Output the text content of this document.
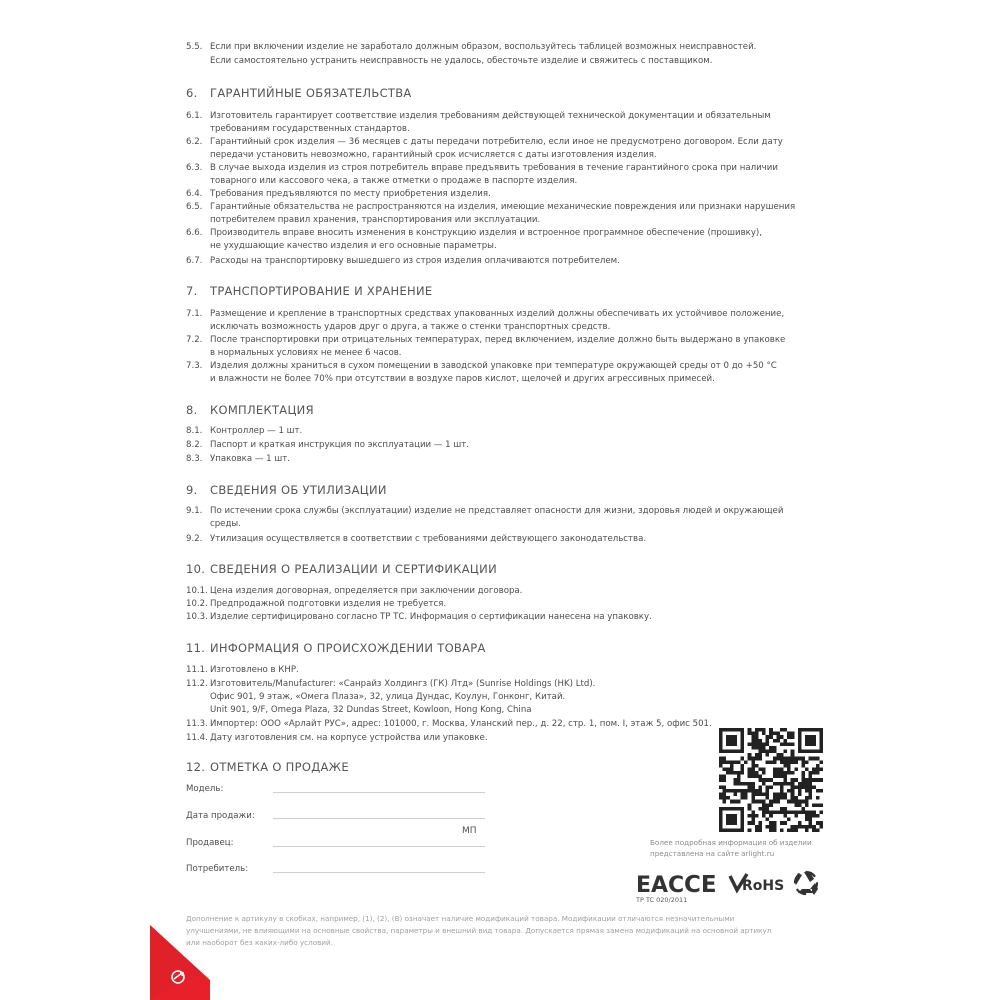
5.5. Если при включении изделие не заработало должным образом, воспользуйтесь таблицей возможных неисправностей.
Если самостоятельно устранить неисправность не удалось, обесточьте изделие и свяжитесь с поставщиком.
6. ГАРАНТИЙНЫЕ ОБЯЗАТЕЛЬСТВА
6.1. Изготовитель гарантирует соответствие изделия требованиям действующей технической документации и обязательным
требованиям государственных стандартов.
6.2. Гарантийный срок изделия — 36 месяцев с даты передачи потребителю, если иное не предусмотрено договором. Если дату
передачи установить невозможно, гарантийный срок исчисляется с даты изготовления изделия.
6.3. В случае выхода изделия из строя потребитель вправе предъявить требования в течение гарантийного срока при наличии
товарного или кассового чека, а также отметки о продаже в паспорте изделия.
6.4. Требования предъявляются по месту приобретения изделия.
6.5. Гарантийные обязательства не распространяются на изделия, имеющие механические повреждения или признаки нарушения
потребителем правил хранения, транспортирования или эксплуатации.
6.6. Производитель вправе вносить изменения в конструкцию изделия и встроенное программное обеспечение (прошивку),
не ухудшающие качество изделия и его основные параметры.
6.7. Расходы на транспортировку вышедшего из строя изделия оплачиваются потребителем.
7. ТРАНСПОРТИРОВАНИЕ И ХРАНЕНИЕ
7.1. Размещение и крепление в транспортных средствах упакованных изделий должны обеспечивать их устойчивое положение,
исключать возможность ударов друг о друга, а также о стенки транспортных средств.
7.2. После транспортировки при отрицательных температурах, перед включением, изделие должно быть выдержано в упаковке
в нормальных условиях не менее 6 часов.
7.3. Изделия должны храниться в сухом помещении в заводской упаковке при температуре окружающей среды от 0 до +50 °С
и влажности не более 70% при отсутствии в воздухе паров кислот, щелочей и других агрессивных примесей.
8. КОМПЛЕКТАЦИЯ
8.1. Контроллер — 1 шт.
8.2. Паспорт и краткая инструкция по эксплуатации — 1 шт.
8.3. Упаковка — 1 шт.
9. СВЕДЕНИЯ ОБ УТИЛИЗАЦИИ
9.1. По истечении срока службы (эксплуатации) изделие не представляет опасности для жизни, здоровья людей и окружающей
среды.
9.2. Утилизация осуществляется в соответствии с требованиями действующего законодательства.
10. СВЕДЕНИЯ О РЕАЛИЗАЦИИ И СЕРТИФИКАЦИИ
10.1. Цена изделия договорная, определяется при заключении договора.
10.2. Предпродажной подготовки изделия не требуется.
10.3. Изделие сертифицировано согласно ТР ТС. Информация о сертификации нанесена на упаковку.
11. ИНФОРМАЦИЯ О ПРОИСХОЖДЕНИИ ТОВАРА
11.1. Изготовлено в КНР.
11.2. Изготовитель/Manufacturer: «Санрайз Холдингз (ГК) Лтд» (Sunrise Holdings (HK) Ltd).
Офис 901, 9 этаж, «Омега Плаза», 32, улица Дундас, Коулун, Гонконг, Китай.
Unit 901, 9/F, Omega Plaza, 32 Dundas Street, Kowloon, Hong Kong, China
11.3. Импортер: ООО «Арлайт РУС», адрес: 101000, г. Москва, Уланский пер., д. 22, стр. 1, пом. I, этаж 5, офис 501.
11.4. Дату изготовления см. на корпусе устройства или упаковке.
12. ОТМЕТКА О ПРОДАЖЕ
Модель:
Дата продажи:
МП
Продавец:
Потребитель:
Более подробная информация об изделии
представлена на сайте arlight.ru
EAC CE RoHS
TP TC 020/2011
Дополнение к артикулу в скобках, например, (1), (2), (B) означает наличие модификаций товара. Модификации отличаются незначительными
улучшениями, не влияющими на основные свойства, параметры и внешний вид товара. Допускается прямая замена модификаций на основной артикул
или наоборот без каких-либо условий.
